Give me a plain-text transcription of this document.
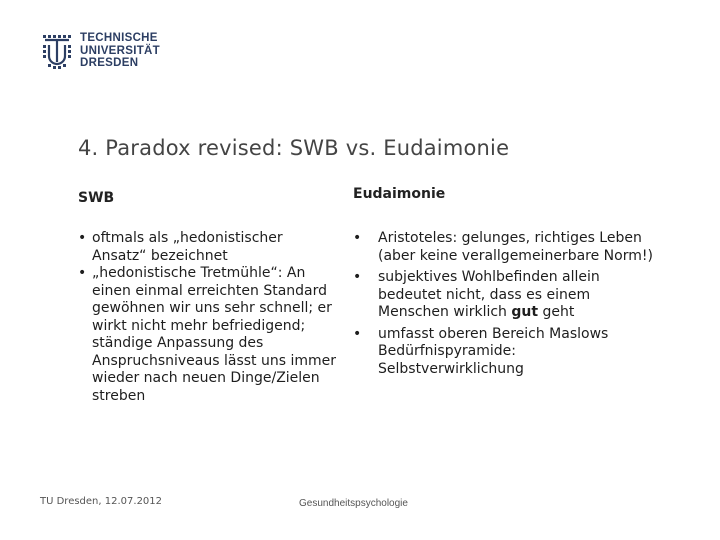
TECHNISCHE
UNIVERSITÄT
DRESDEN
4. Paradox revised: SWB vs. Eudaimonie
SWB	Eudaimonie
• oftmals als „hedonistischer Ansatz“ bezeichnet
• „hedonistische Tretmühle“: An einen einmal erreichten Standard gewöhnen wir uns sehr schnell; er wirkt nicht mehr befriedigend; ständige Anpassung des Anspruchsniveaus lässt uns immer wieder nach neuen Dinge/Zielen streben
• Aristoteles: gelunges, richtiges Leben (aber keine verallgemeinerbare Norm!)
• subjektives Wohlbefinden allein bedeutet nicht, dass es einem Menschen wirklich gut geht
• umfasst oberen Bereich Maslows Bedürfnispyramide: Selbstverwirklichung
TU Dresden, 12.07.2012	Gesundheitspsychologie
